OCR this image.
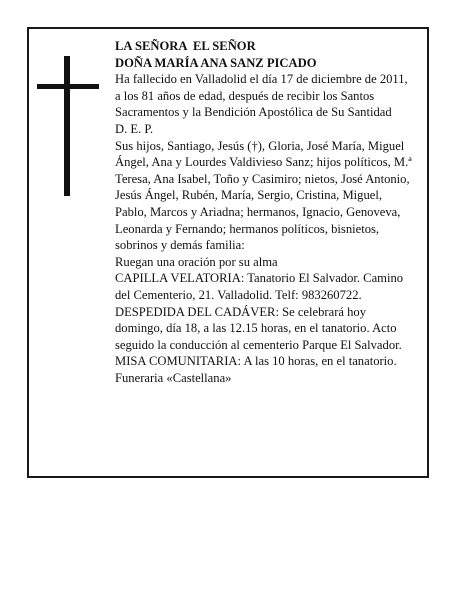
LA SEÑORA  EL SEÑOR
DOÑA MARÍA ANA SANZ PICADO
Ha fallecido en Valladolid el día 17 de diciembre de 2011, a los 81 años de edad, después de recibir los Santos Sacramentos y la Bendición Apostólica de Su Santidad
D. E. P.
Sus hijos, Santiago, Jesús (†), Gloria, José María, Miguel Ángel, Ana y Lourdes Valdivieso Sanz; hijos políticos, M.ª Teresa, Ana Isabel, Toño y Casimiro; nietos, José Antonio, Jesús Ángel, Rubén, María, Sergio, Cristina, Miguel, Pablo, Marcos y Ariadna; hermanos, Ignacio, Genoveva, Leonarda y Fernando; hermanos políticos, bisnietos, sobrinos y demás familia:
Ruegan una oración por su alma
CAPILLA VELATORIA: Tanatorio El Salvador. Camino del Cementerio, 21. Valladolid. Telf: 983260722.
DESPEDIDA DEL CADÁVER: Se celebrará hoy domingo, día 18, a las 12.15 horas, en el tanatorio. Acto seguido la conducción al cementerio Parque El Salvador.
MISA COMUNITARIA: A las 10 horas, en el tanatorio.
Funeraria «Castellana»
